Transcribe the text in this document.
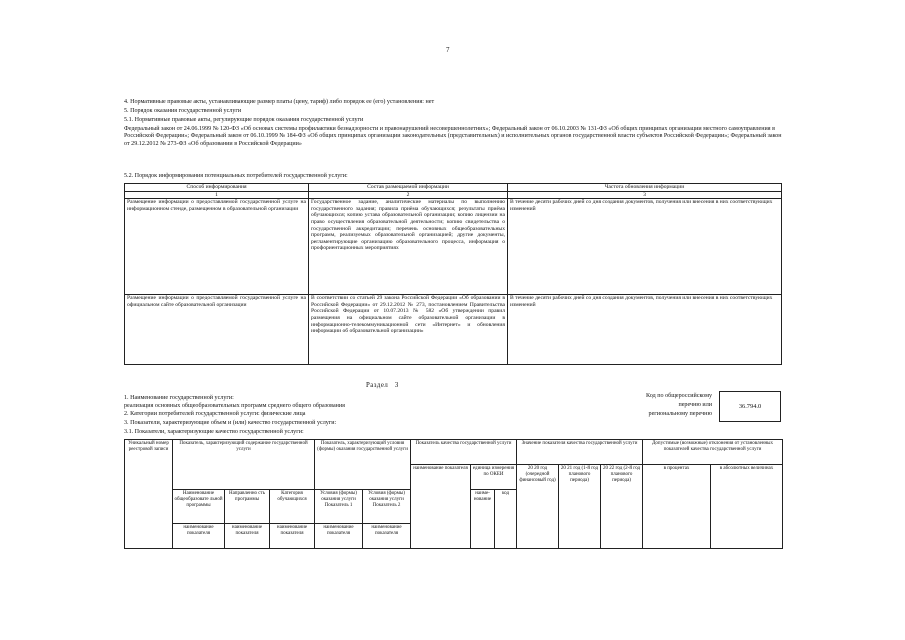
7
4. Нормативные правовые акты, устанавливающие размер платы (цену, тариф) либо порядок ее (его) установления: нет
5. Порядок оказания государственной услуги
5.1. Нормативные правовые акты, регулирующие порядок оказания государственной услуги
Федеральный закон от 24.06.1999 № 120-ФЗ «Об основах системы профилактики безнадзорности и правонарушений несовершеннолетних»; Федеральный закон от 06.10.2003 № 131-ФЗ «Об общих принципах организации местного самоуправления в Российской Федерации»; Федеральный закон от 06.10.1999 № 184-ФЗ «Об общих принципах организации законодательных (представительных) и исполнительных органов государственной власти субъектов Российской Федерации»; Федеральный закон от 29.12.2012 № 273-ФЗ «Об образовании в Российской Федерации»
5.2. Порядок информирования потенциальных потребителей государственной услуги:
Способ информирования	Состав размещаемой информации	Частота обновления информации
1	2	3
Размещение информации о предоставляемой государственной услуге на информационном стенде, размещенном в образовательной организации	Государственное задание, аналитические материалы по выполнению государственного задания; правила приёма обучающихся; результаты приёма обучающихся; копию устава образовательной организации; копию лицензии на право осуществления образовательной деятельности; копию свидетельства о государственной аккредитации; перечень основных общеобразовательных программ, реализуемых образовательной организацией; другие документы, регламентирующие организацию образовательного процесса, информация о профориентационных мероприятиях	В течение десяти рабочих дней со дня создания документов, получения или внесения в них соответствующих изменений
Размещение информации о предоставляемой государственной услуге на официальном сайте образовательной организации	В соответствии со статьей 29 закона Российской Федерации «Об образовании в Российской Федерации» от 29.12.2012 № 273, постановлением Правительства Российской Федерации от 10.07.2013 № 582 «Об утверждении правил размещения на официальном сайте образовательной организации в информационно-телекоммуникационной сети «Интернет» и обновления информации об образовательной организации»	В течение десяти рабочих дней со дня создания документов, получения или внесения в них соответствующих изменений
Раздел 3
1. Наименование государственной услуги:
реализация основных общеобразовательных программ среднего общего образования
2. Категории потребителей государственной услуги: физические лица
3. Показатели, характеризующие объем и (или) качество государственной услуги:
3.1. Показатели, характеризующие качество государственной услуги:
Код по общероссийскому
перечню или
региональному перечню
36.794.0
Уникальный номер реестровой записи	Показатель, характеризующий содержание государственной услуги			Показатель, характеризующий условия (формы) оказания государственной услуги		Показатель качества государственной услуги			Значение показателя качества государственной услуги			Допустимые (возможные) отклонения от установленных показателей качества государственной услуги	
						наименование показателя	единица измерения по ОКЕИ		20 20 год (очередной финансовый год)	20 21 год (1-й год планового периода)	20 22 год (2-й год планового периода)	в процентах	в абсолютных величинах
	Наименование общеобразовате льной программы	Направленно сть программы	Категория обучающихся	Условия (формы) оказания услуги Показатель 1	Условия (формы) оказания услуги Показатель 2		наиме-нование	код					
	наименование показателя	наименование показателя	наименование показателя	наименование показателя	наименование показателя								
